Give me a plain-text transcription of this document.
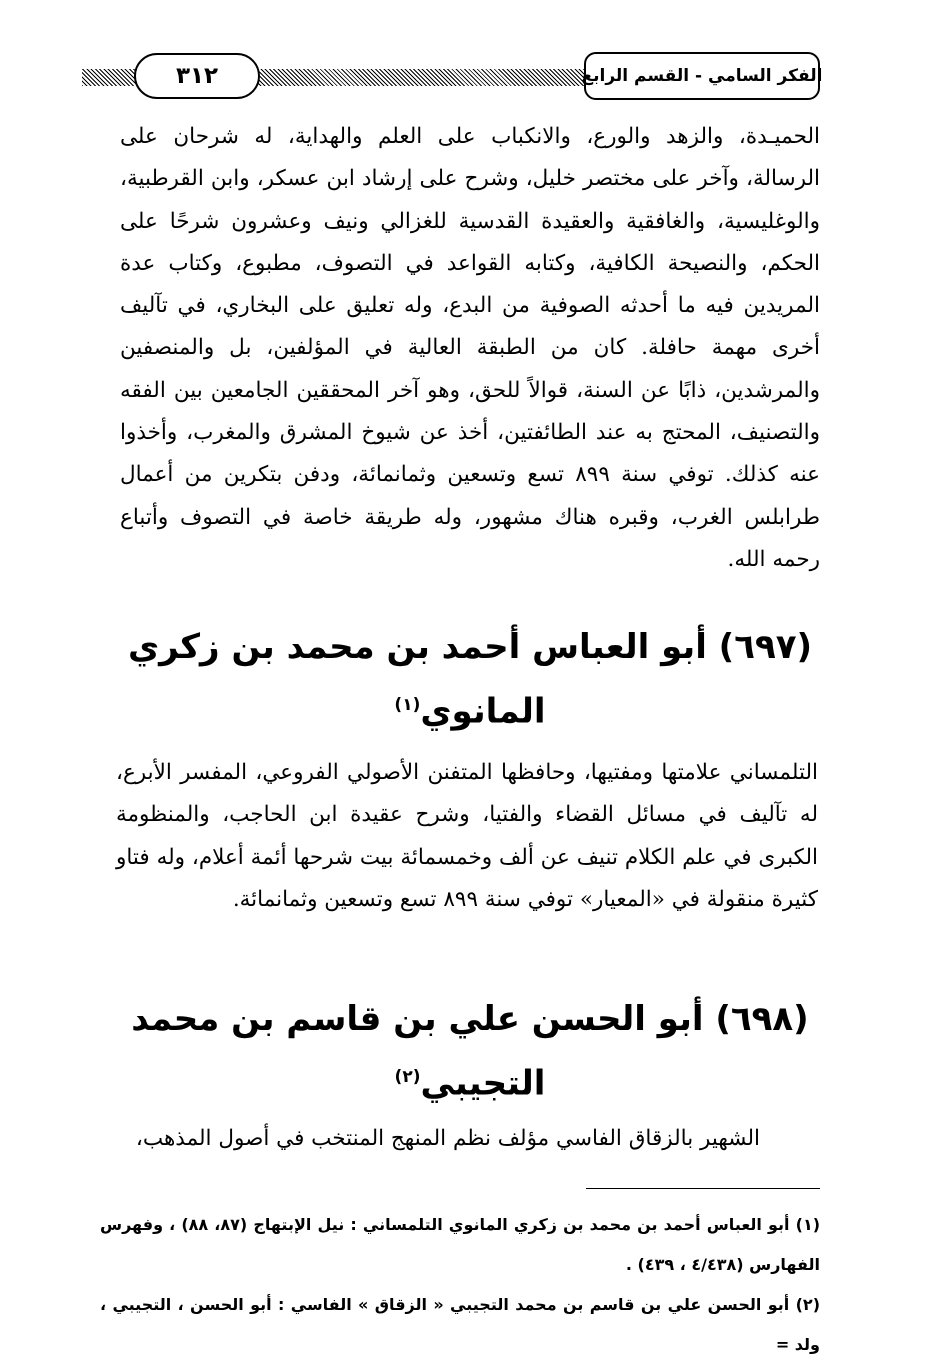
٣١٢	الفكر السامي - القسم الرابع

الحميـدة، والزهد والورع، والانكباب على العلم والهداية، له شرحان على الرسالة، وآخر على مختصر خليل، وشرح على إرشاد ابن عسكر، وابن القرطبية، والوغليسية، والغافقية والعقيدة القدسية للغزالي ونيف وعشرون شرحًا على الحكم، والنصيحة الكافية، وكتابه القواعد في التصوف، مطبوع، وكتاب عدة المريدين فيه ما أحدثه الصوفية من البدع، وله تعليق على البخاري، في تآليف أخرى مهمة حافلة. كان من الطبقة العالية في المؤلفين، بل والمنصفين والمرشدين، ذابًا عن السنة، قوالاً للحق، وهو آخر المحققين الجامعين بين الفقه والتصنيف، المحتج به عند الطائفتين، أخذ عن شيوخ المشرق والمغرب، وأخذوا عنه كذلك. توفي سنة ٨٩٩ تسع وتسعين وثمانمائة، ودفن بتكرين من أعمال طرابلس الغرب، وقبره هناك مشهور، وله طريقة خاصة في التصوف وأتباع رحمه الله.

(٦٩٧) أبو العباس أحمد بن محمد بن زكري
المانوي$^{(١)}$

التلمساني علامتها ومفتيها، وحافظها المتفنن الأصولي الفروعي، المفسر الأبرع، له تآليف في مسائل القضاء والفتيا، وشرح عقيدة ابن الحاجب، والمنظومة الكبرى في علم الكلام تنيف عن ألف وخمسمائة بيت شرحها أئمة أعلام، وله فتاو كثيرة منقولة في «المعيار» توفي سنة ٨٩٩ تسع وتسعين وثمانمائة.

(٦٩٨) أبو الحسن علي بن قاسم بن محمد
التجيبي$^{(٢)}$

الشهير بالزقاق الفاسي مؤلف نظم المنهج المنتخب في أصول المذهب،

(١) أبو العباس أحمد بن محمد بن زكري المانوي التلمساني : نيل الإبتهاج (٨٧، ٨٨) ، وفهرس الفهارس (٤/٤٣٨ ، ٤٣٩) .
(٢) أبو الحسن علي بن قاسم بن محمد التجيبي « الزقاق » الفاسي : أبو الحسن ، التجيبي ، ولد =
